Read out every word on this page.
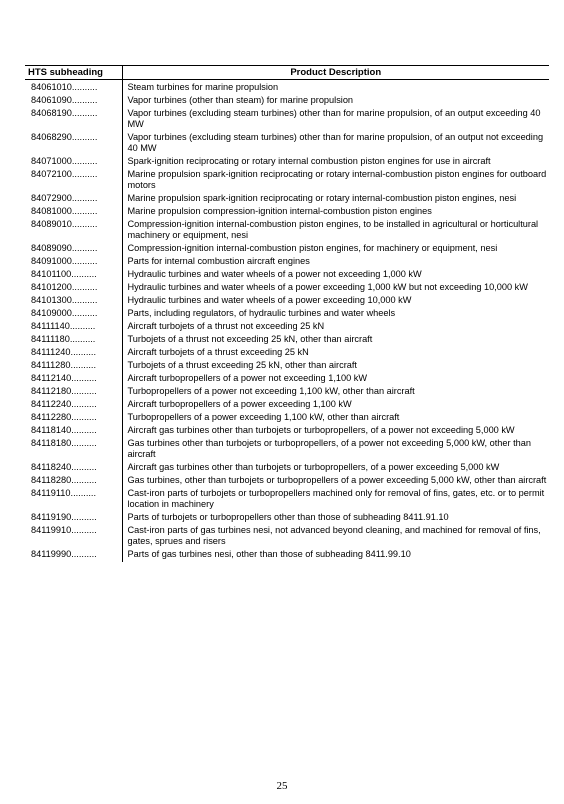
HTS subheading	Product Description
84061010..........	Steam turbines for marine propulsion
84061090..........	Vapor turbines (other than steam) for marine propulsion
84068190..........	Vapor turbines (excluding steam turbines) other than for marine propulsion, of an output exceeding 40 MW
84068290..........	Vapor turbines (excluding steam turbines) other than for marine propulsion, of an output not exceeding 40 MW
84071000..........	Spark-ignition reciprocating or rotary internal combustion piston engines for use in aircraft
84072100..........	Marine propulsion spark-ignition reciprocating or rotary internal-combustion piston engines for outboard motors
84072900..........	Marine propulsion spark-ignition reciprocating or rotary internal-combustion piston engines, nesi
84081000..........	Marine propulsion compression-ignition internal-combustion piston engines
84089010..........	Compression-ignition internal-combustion piston engines, to be installed in agricultural or horticultural machinery or equipment, nesi
84089090..........	Compression-ignition internal-combustion piston engines, for machinery or equipment, nesi
84091000..........	Parts for internal combustion aircraft engines
84101100..........	Hydraulic turbines and water wheels of a power not exceeding 1,000 kW
84101200..........	Hydraulic turbines and water wheels of a power exceeding 1,000 kW but not exceeding 10,000 kW
84101300..........	Hydraulic turbines and water wheels of a power exceeding 10,000 kW
84109000..........	Parts, including regulators, of hydraulic turbines and water wheels
84111140..........	Aircraft turbojets of a thrust not exceeding 25 kN
84111180..........	Turbojets of a thrust not exceeding 25 kN, other than aircraft
84111240..........	Aircraft turbojets of a thrust exceeding 25 kN
84111280..........	Turbojets of a thrust exceeding 25 kN, other than aircraft
84112140..........	Aircraft turbopropellers of a power not exceeding 1,100 kW
84112180..........	Turbopropellers of a power not exceeding 1,100 kW, other than aircraft
84112240..........	Aircraft turbopropellers of a power exceeding 1,100 kW
84112280..........	Turbopropellers of a power exceeding 1,100 kW, other than aircraft
84118140..........	Aircraft gas turbines other than turbojets or turbopropellers, of a power not exceeding 5,000 kW
84118180..........	Gas turbines other than turbojets or turbopropellers, of a power not exceeding 5,000 kW, other than aircraft
84118240..........	Aircraft gas turbines other than turbojets or turbopropellers, of a power exceeding 5,000 kW
84118280..........	Gas turbines, other than turbojets or turbopropellers of a power exceeding 5,000 kW, other than aircraft
84119110..........	Cast-iron parts of turbojets or turbopropellers machined only for removal of fins, gates, etc. or to permit location in machinery
84119190..........	Parts of turbojets or turbopropellers other than those of subheading 8411.91.10
84119910..........	Cast-iron parts of gas turbines nesi, not advanced beyond cleaning, and machined for removal of fins, gates, sprues and risers
84119990..........	Parts of gas turbines nesi, other than those of subheading 8411.99.10
25
